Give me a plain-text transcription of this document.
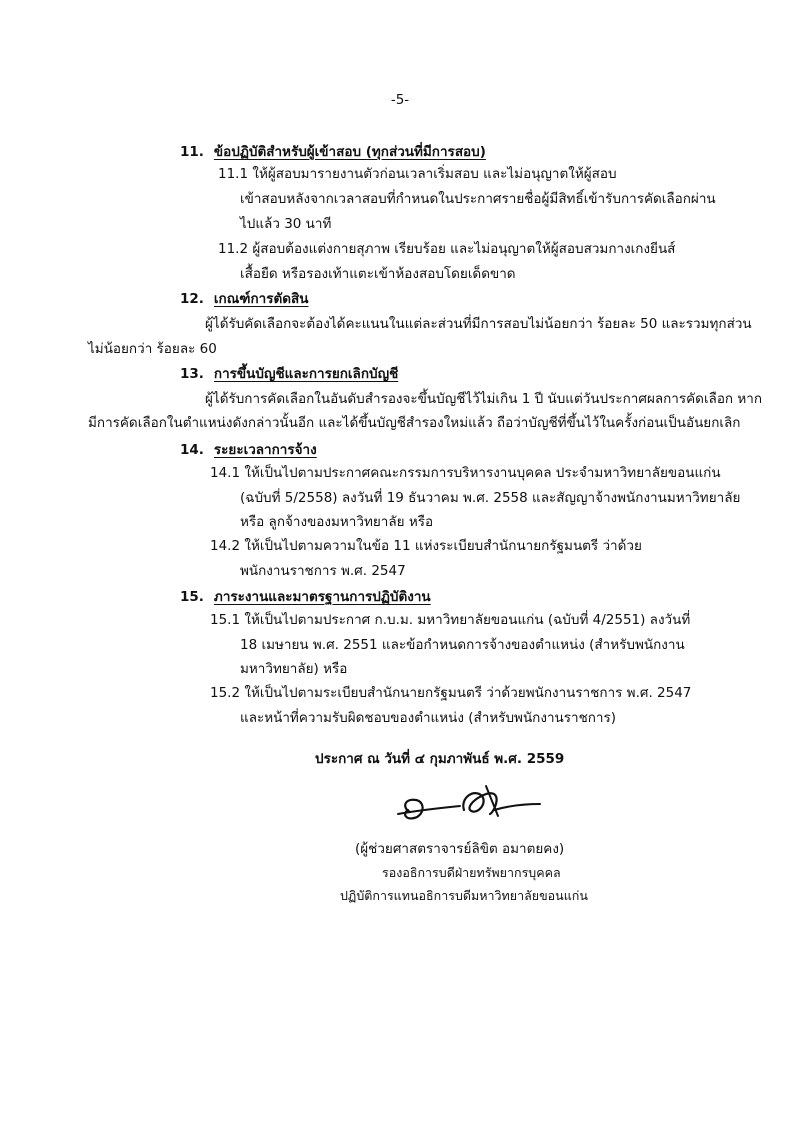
-5-
11. ข้อปฏิบัติสำหรับผู้เข้าสอบ (ทุกส่วนที่มีการสอบ)
11.1 ให้ผู้สอบมารายงานตัวก่อนเวลาเริ่มสอบ และไม่อนุญาตให้ผู้สอบ
เข้าสอบหลังจากเวลาสอบที่กำหนดในประกาศรายชื่อผู้มีสิทธิ์เข้ารับการคัดเลือกผ่าน
ไปแล้ว 30 นาที
11.2 ผู้สอบต้องแต่งกายสุภาพ เรียบร้อย และไม่อนุญาตให้ผู้สอบสวมกางเกงยีนส์
เสื้อยืด หรือรองเท้าแตะเข้าห้องสอบโดยเด็ดขาด
12. เกณฑ์การตัดสิน
ผู้ได้รับคัดเลือกจะต้องได้คะแนนในแต่ละส่วนที่มีการสอบไม่น้อยกว่า ร้อยละ 50 และรวมทุกส่วน
ไม่น้อยกว่า ร้อยละ 60
13. การขึ้นบัญชีและการยกเลิกบัญชี
ผู้ได้รับการคัดเลือกในอันดับสำรองจะขึ้นบัญชีไว้ไม่เกิน 1 ปี นับแต่วันประกาศผลการคัดเลือก หาก
มีการคัดเลือกในตำแหน่งดังกล่าวนั้นอีก และได้ขึ้นบัญชีสำรองใหม่แล้ว ถือว่าบัญชีที่ขึ้นไว้ในครั้งก่อนเป็นอันยกเลิก
14. ระยะเวลาการจ้าง
14.1 ให้เป็นไปตามประกาศคณะกรรมการบริหารงานบุคคล ประจำมหาวิทยาลัยขอนแก่น
(ฉบับที่ 5/2558) ลงวันที่ 19 ธันวาคม พ.ศ. 2558 และสัญญาจ้างพนักงานมหาวิทยาลัย
หรือ ลูกจ้างของมหาวิทยาลัย หรือ
14.2 ให้เป็นไปตามความในข้อ 11 แห่งระเบียบสำนักนายกรัฐมนตรี ว่าด้วย
พนักงานราชการ พ.ศ. 2547
15. ภาระงานและมาตรฐานการปฏิบัติงาน
15.1 ให้เป็นไปตามประกาศ ก.บ.ม. มหาวิทยาลัยขอนแก่น (ฉบับที่ 4/2551) ลงวันที่
18 เมษายน พ.ศ. 2551 และข้อกำหนดการจ้างของตำแหน่ง (สำหรับพนักงาน
มหาวิทยาลัย) หรือ
15.2 ให้เป็นไปตามระเบียบสำนักนายกรัฐมนตรี ว่าด้วยพนักงานราชการ พ.ศ. 2547
และหน้าที่ความรับผิดชอบของตำแหน่ง (สำหรับพนักงานราชการ)
ประกาศ ณ วันที่ ๔ กุมภาพันธ์ พ.ศ. 2559
(ผู้ช่วยศาสตราจารย์ลิขิต อมาตยคง)
รองอธิการบดีฝ่ายทรัพยากรบุคคล
ปฏิบัติการแทนอธิการบดีมหาวิทยาลัยขอนแก่น
